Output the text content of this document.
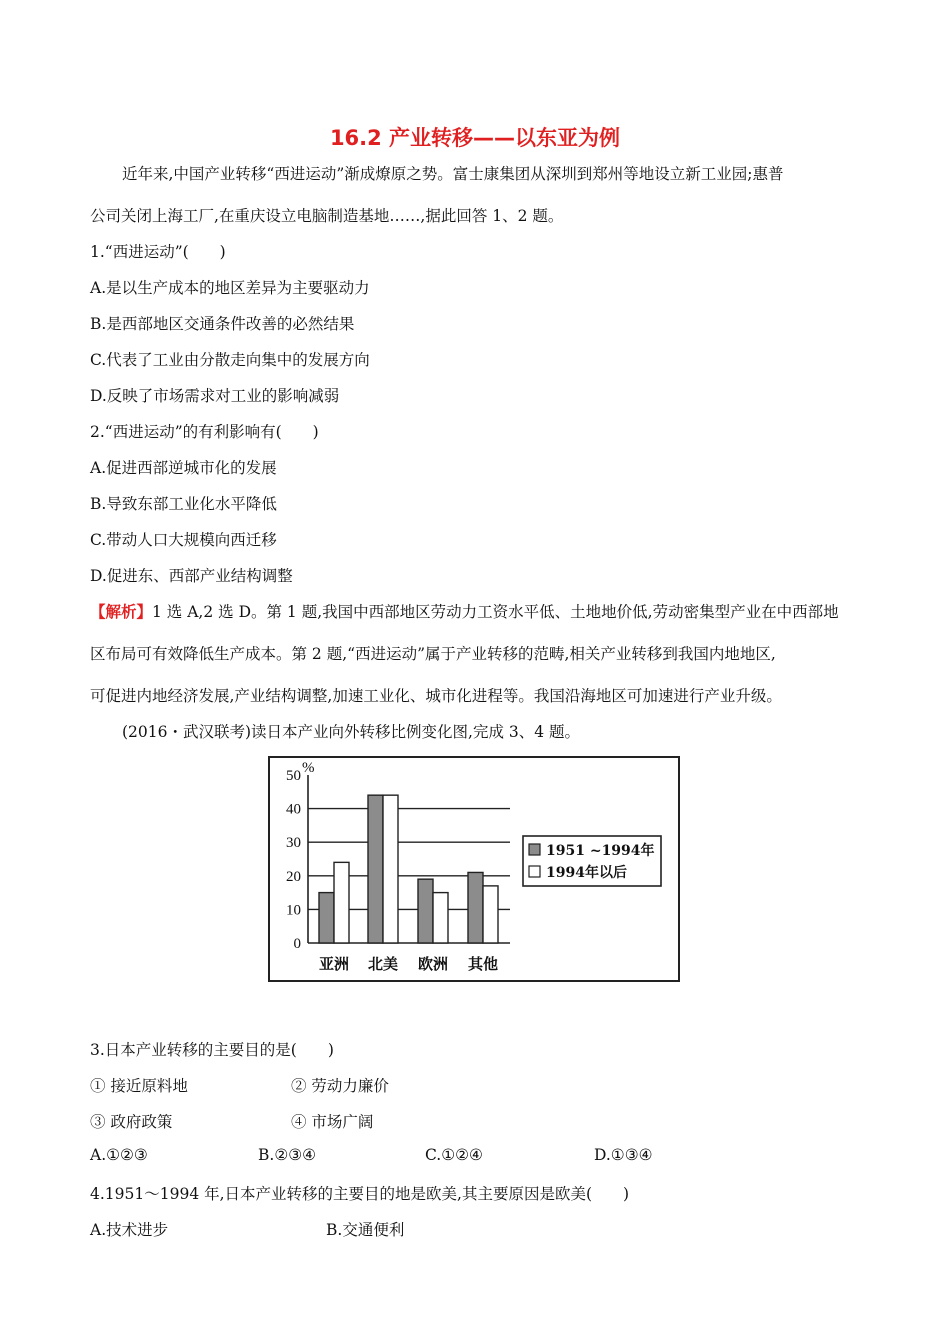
16.2 产业转移——以东亚为例
近年来,中国产业转移“西进运动”渐成燎原之势。富士康集团从深圳到郑州等地设立新工业园;惠普
公司关闭上海工厂,在重庆设立电脑制造基地……,据此回答 1、2 题。
1.“西进运动”(　　)
A.是以生产成本的地区差异为主要驱动力
B.是西部地区交通条件改善的必然结果
C.代表了工业由分散走向集中的发展方向
D.反映了市场需求对工业的影响减弱
2.“西进运动”的有利影响有(　　)
A.促进西部逆城市化的发展
B.导致东部工业化水平降低
C.带动人口大规模向西迁移
D.促进东、西部产业结构调整
【解析】1 选 A,2 选 D。第 1 题,我国中西部地区劳动力工资水平低、土地地价低,劳动密集型产业在中西部地
区布局可有效降低生产成本。第 2 题,“西进运动”属于产业转移的范畴,相关产业转移到我国内地地区,
可促进内地经济发展,产业结构调整,加速工业化、城市化进程等。我国沿海地区可加速进行产业升级。
(2016・武汉联考)读日本产业向外转移比例变化图,完成 3、4 题。
0
10
20
30
40
50 %
亚洲 北美 欧洲 其他
1951 ~1994年
1994年以后
3.日本产业转移的主要目的是(　　)
① 接近原料地	② 劳动力廉价
③ 政府政策	④ 市场广阔
A.①②③	B.②③④	C.①②④	D.①③④
4.1951～1994 年,日本产业转移的主要目的地是欧美,其主要原因是欧美(　　)
A.技术进步	B.交通便利
